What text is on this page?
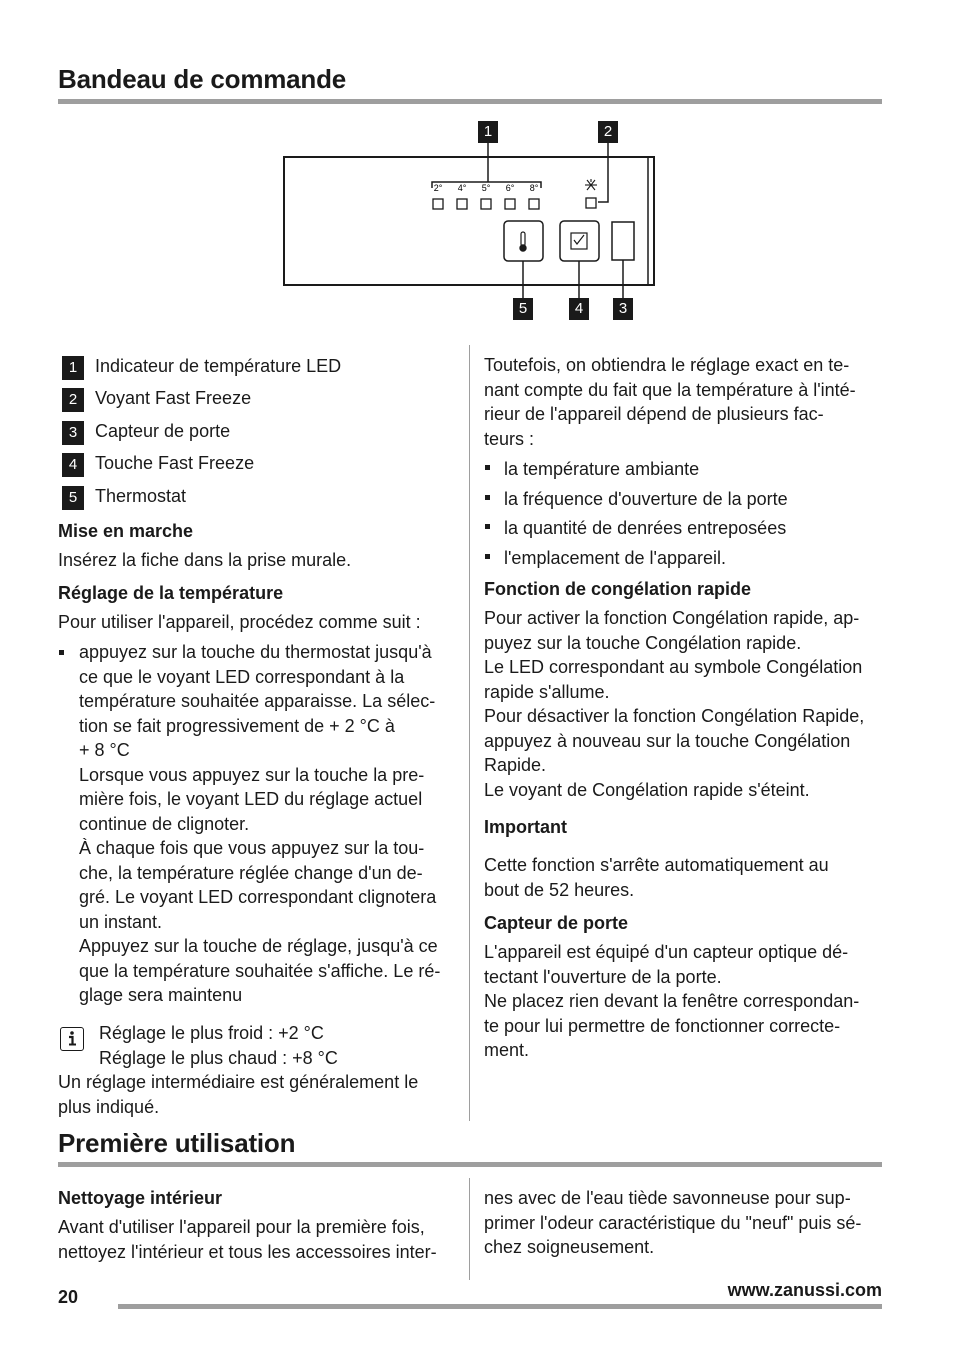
Bandeau de commande
2° 4° 5° 6° 8°
1	2
5	4	3
1 Indicateur de température LED
2 Voyant Fast Freeze
3 Capteur de porte
4 Touche Fast Freeze
5 Thermostat
Mise en marche
Insérez la fiche dans la prise murale.
Réglage de la température
Pour utiliser l'appareil, procédez comme suit :
appuyez sur la touche du thermostat jusqu'à
ce que le voyant LED correspondant à la
température souhaitée apparaisse. La sélec-
tion se fait progressivement de + 2 °C à
+ 8 °C
Lorsque vous appuyez sur la touche la pre-
mière fois, le voyant LED du réglage actuel
continue de clignoter.
À chaque fois que vous appuyez sur la tou-
che, la température réglée change d'un de-
gré. Le voyant LED correspondant clignotera
un instant.
Appuyez sur la touche de réglage, jusqu'à ce
que la température souhaitée s'affiche. Le ré-
glage sera maintenu
Réglage le plus froid : +2 °C
Réglage le plus chaud : +8 °C
Un réglage intermédiaire est généralement le
plus indiqué.
Toutefois, on obtiendra le réglage exact en te-
nant compte du fait que la température à l'inté-
rieur de l'appareil dépend de plusieurs fac-
teurs :
la température ambiante
la fréquence d'ouverture de la porte
la quantité de denrées entreposées
l'emplacement de l'appareil.
Fonction de congélation rapide
Pour activer la fonction Congélation rapide, ap-
puyez sur la touche Congélation rapide.
Le LED correspondant au symbole Congélation
rapide s'allume.
Pour désactiver la fonction Congélation Rapide,
appuyez à nouveau sur la touche Congélation
Rapide.
Le voyant de Congélation rapide s'éteint.
Important
Cette fonction s'arrête automatiquement au
bout de 52 heures.
Capteur de porte
L'appareil est équipé d'un capteur optique dé-
tectant l'ouverture de la porte.
Ne placez rien devant la fenêtre correspondan-
te pour lui permettre de fonctionner correcte-
ment.
Première utilisation
Nettoyage intérieur
Avant d'utiliser l'appareil pour la première fois,
nettoyez l'intérieur et tous les accessoires inter-
nes avec de l'eau tiède savonneuse pour sup-
primer l'odeur caractéristique du "neuf" puis sé-
chez soigneusement.
20	www.zanussi.com
